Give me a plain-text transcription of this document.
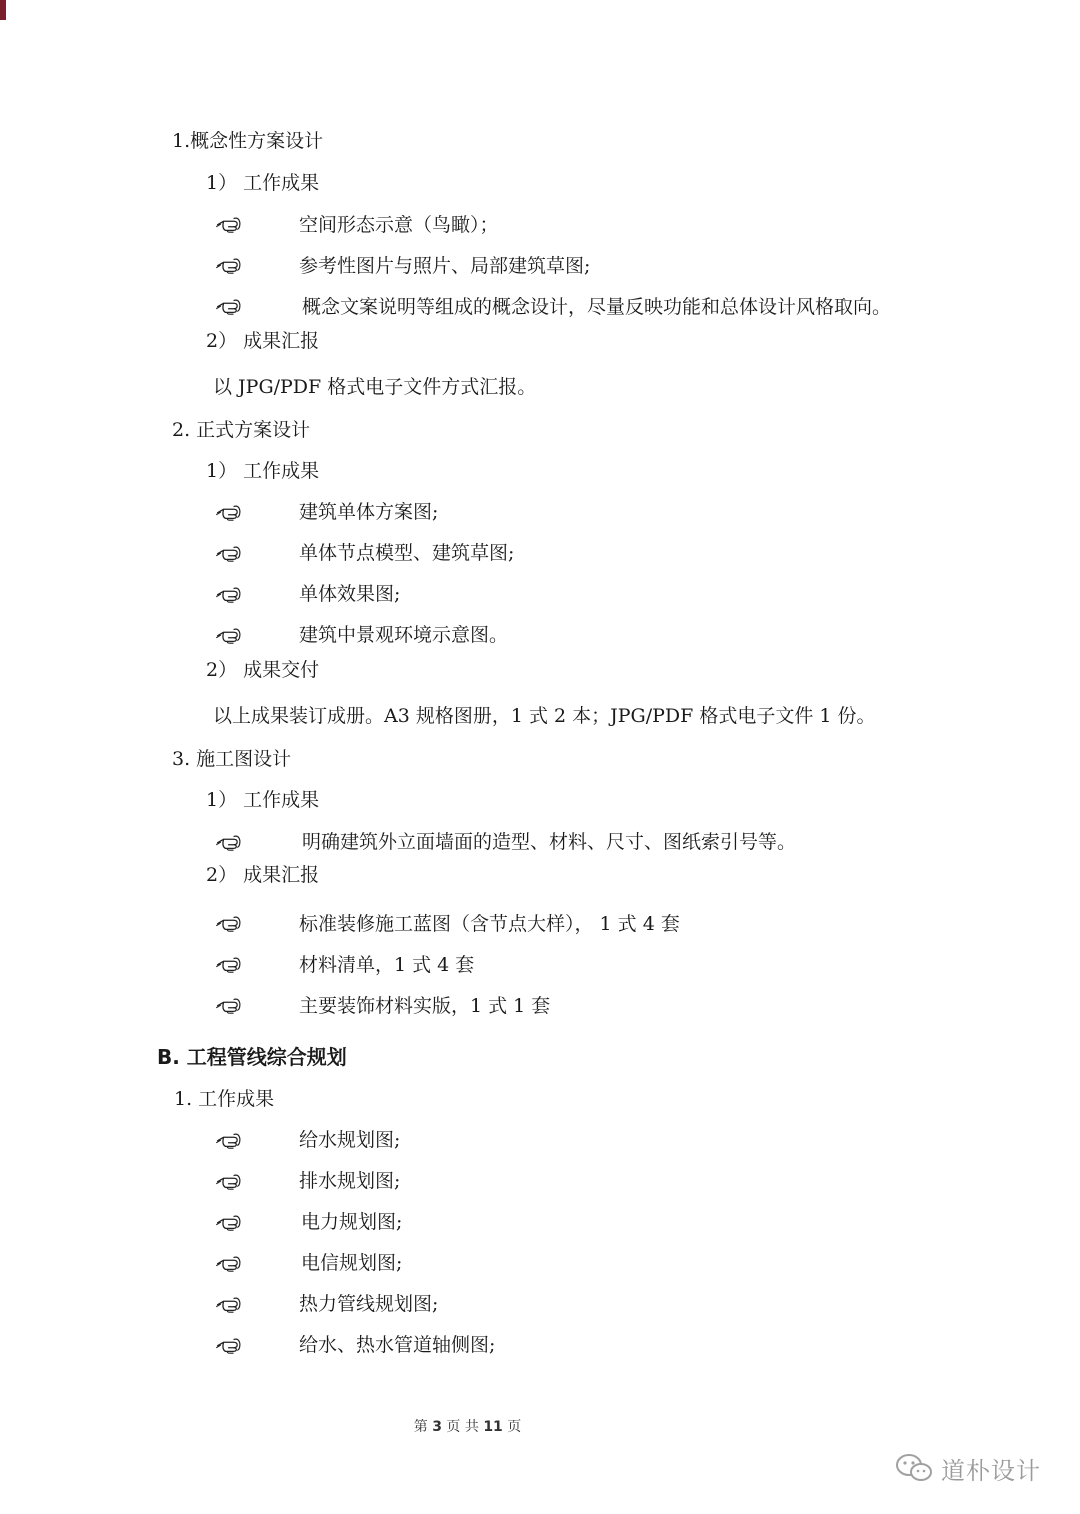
1.概念性方案设计
1） 工作成果
空间形态示意（鸟瞰）；
参考性图片与照片、局部建筑草图;
概念文案说明等组成的概念设计，尽量反映功能和总体设计风格取向。
2） 成果汇报
以 JPG/PDF 格式电子文件方式汇报。
2. 正式方案设计
1） 工作成果
建筑单体方案图;
单体节点模型、建筑草图;
单体效果图;
建筑中景观环境示意图。
2） 成果交付
以上成果装订成册。A3 规格图册，1 式 2 本；JPG/PDF 格式电子文件 1 份。
3. 施工图设计
1） 工作成果
明确建筑外立面墙面的造型、材料、尺寸、图纸索引号等。
2） 成果汇报
标准装修施工蓝图（含节点大样）， 1 式 4 套
材料清单，1 式 4 套
主要装饰材料实版，1 式 1 套
B. 工程管线综合规划
1. 工作成果
给水规划图;
排水规划图;
电力规划图;
电信规划图;
热力管线规划图;
给水、热水管道轴侧图;
第 3 页 共 11 页
道朴设计
